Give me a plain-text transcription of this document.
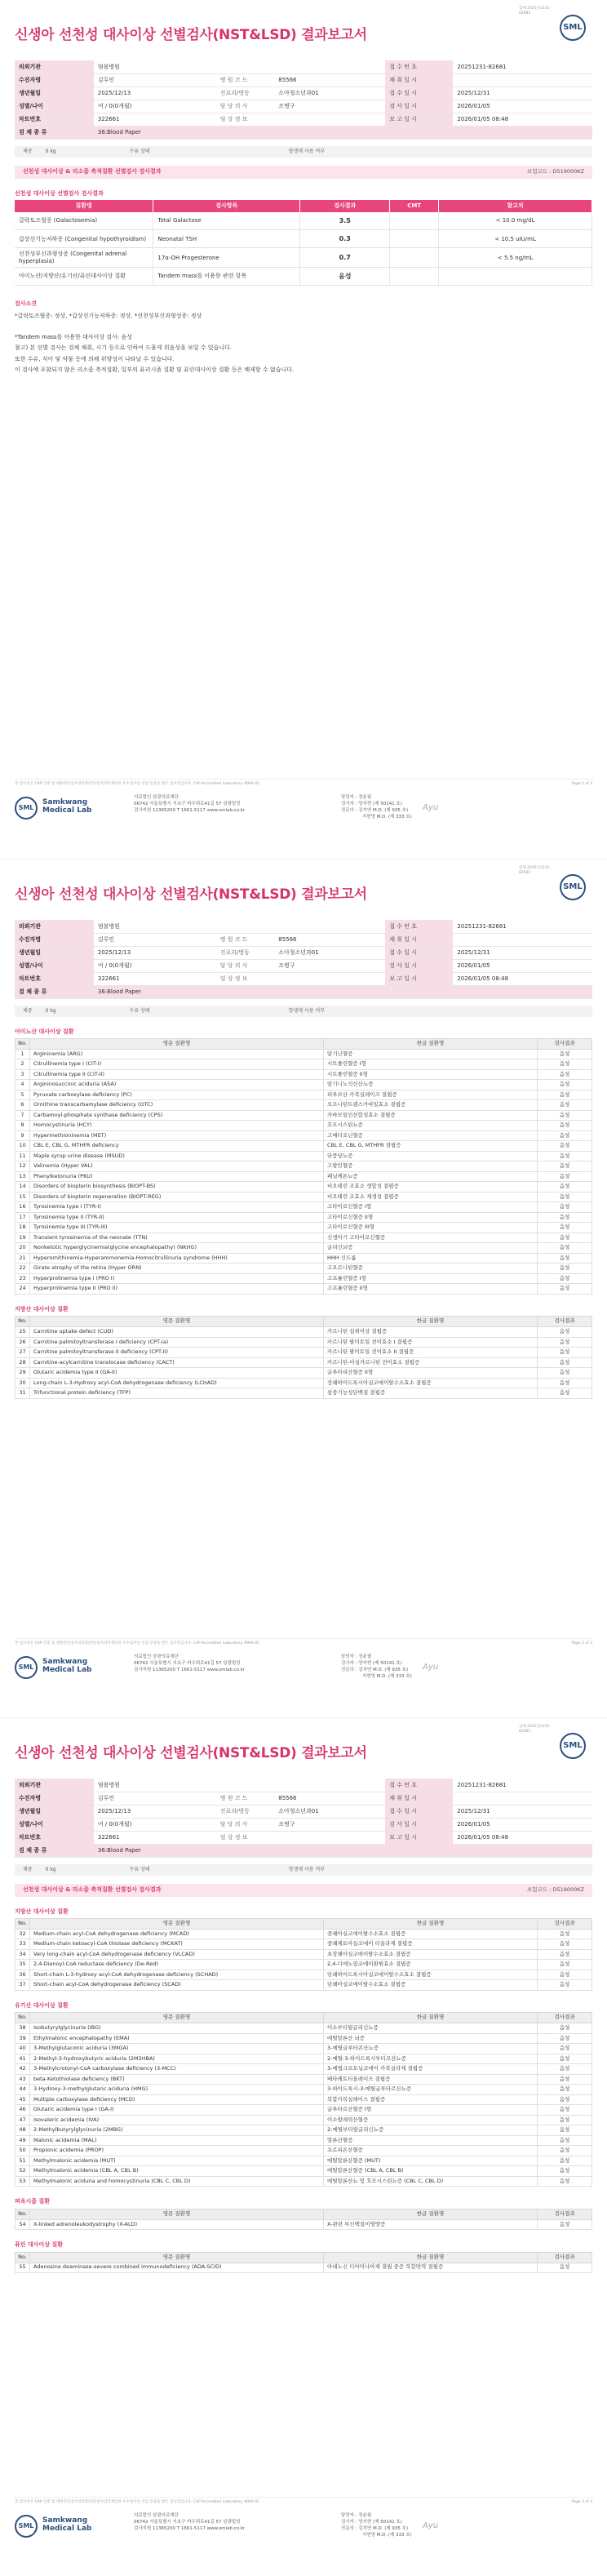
검체 2025년1231-82681
SML
신생아 선천성 대사이상 선별검사(NST&LSD) 결과보고서
의뢰기관	염볼병원			접 수 번 호	20251231-82681
수진자명	김루인	병 원 코 드	85566	채 취 일 시	
생년월일	2025/12/13	진료과/병동	소아청소년과01	접 수 일 시	2025/12/31
성별/나이	여 / 0(0개월)	담 당 의 사	조병구	검 사 일 시	2026/01/05
차트번호	322661	임 상 정 보		보 고 일 시	2026/01/05 08:48
검 체 종 류	36:Blood Paper				
체중	0 kg	수유 상태	항생제 사용 여부
선천성 대사이상 & 리소좀 축적질환 선별검사 검사결과	보험코드 : D519000KZ
선천성 대사이상 선별검사 검사결과
질환명	검사항목	검사결과	CMT	참고치
갈락토즈혈증 (Galactosemia)	Total Galactose	3.5		< 10.0 mg/dL
갑상선기능저하증 (Congenital hypothyroidism)	Neonatal TSH	0.3		< 10.5 uIU/mL
선천성부신과형성증 (Congenital adrenal hyperplasia)	17α-OH Progesterone	0.7		< 5.5 ng/mL
아미노산/지방산/유기산/퓨린대사이상 질환	Tandem mass를 이용한 관련 항목	음성		
검사소견

*갈락토즈혈증: 정상, *갑상선기능저하증: 정상, *선천성부신과형성증: 정상

*Tandem mass를 이용한 대사이상 검사: 음성

참고) 본 선별 검사는 검체 채취, 시기 등으로 인하여 드물게 위음성을 보일 수 있습니다.

또한 수유, 식이 및 약물 등에 의해 위양성이 나타날 수 있습니다.

이 검사에 포함되지 않은 리소좀 축적질환, 일부의 퓨리시즘 질환 및 퓨린대사이상 질환 등은 배제할 수 없습니다.

본 검사실은 CAP 인증 및 대한진단검사의학회/진단검사의학재단의 우수검사실 신임 인증을 받은 검사실입니다. CAP Accredited Laboratory. 8994-01	Page 1 of 3
SML
Samkwang
Medical Lab
의료법인 삼광의료재단
06742 서울특별시 서초구 바우뫼로41길 57 삼광빌딩
검사지원 11365200 T 1661-5117 www.smlab.co.kr
담당자 : 정윤필
검사자 : 양지현 (제 50141 호)
전문의 : 김지연 M.D. (제 935 호)
지현영 M.D. (제 333 호)
Ayu
검체 2025년1231-82681
SML
신생아 선천성 대사이상 선별검사(NST&LSD) 결과보고서
의뢰기관	염볼병원			접 수 번 호	20251231-82681
수진자명	김루인	병 원 코 드	85566	채 취 일 시	
생년월일	2025/12/13	진료과/병동	소아청소년과01	접 수 일 시	2025/12/31
성별/나이	여 / 0(0개월)	담 당 의 사	조병구	검 사 일 시	2026/01/05
차트번호	322661	임 상 정 보		보 고 일 시	2026/01/05 08:48
검 체 종 류	36:Blood Paper				
체중	0 kg	수유 상태	항생제 사용 여부
아미노산 대사이상 질환
No.	영문 질환명	한글 질환명	검사결과
1	Argininemia (ARG)	알기닌혈증	음성
2	Citrullinemia type I (CIT-I)	시트룰린혈증 I형	음성
3	Citrullinemia type II (CIT-II)	시트룰린혈증 II형	음성
4	Argininosuccinic aciduria (ASA)	알기니노석신산뇨증	음성
5	Pyruvate carboxylase deficiency (PC)	피루브산 카복실레이즈 결핍증	음성
6	Ornithine transcarbamylase deficiency (OTC)	오르니틴트랜스카바밀효소 결핍증	음성
7	Carbamoyl-phosphate synthase deficiency (CPS)	카바모일인산합성효소 결핍증	음성
8	Homocystinuria (HCY)	호모시스틴뇨증	음성
9	Hypermethioninemia (MET)	고메티오닌혈증	음성
10	CBL E, CBL G, MTHFR deficiency	CBL E, CBL G, MTHFR 결핍증	음성
11	Maple syrup urine disease (MSUD)	단풍당뇨증	음성
12	Valinemia (Hyper VAL)	고발린혈증	음성
13	Phenylketonuria (PKU)	페닐케톤뇨증	음성
14	Disorders of biopterin biosynthesis (BIOPT-BS)	비오테린 조효소 생합성 결핍증	음성
15	Disorders of biopterin regeneration (BIOPT-REG)	비오테린 조효소 재생성 결핍증	음성
16	Tyrosinemia type I (TYR-I)	고타이로신혈증 I형	음성
17	Tyrosinemia type II (TYR-II)	고타이로신혈증 II형	음성
18	Tyrosinemia type III (TYR-III)	고타이로신혈증 III형	음성
19	Transient tyrosinemia of the neonate (TTN)	신생아기 고타이로신혈증	음성
20	Nonketotic hyperglycinemia(glycine encephalopathy) (NKHG)	글리신뇌증	음성
21	Hyperornithinemia-Hyperammonemia-Homocitrullinuria syndrome (HHH)	HHH 신드롬	음성
22	Girate atrophy of the retina (Hyper ORN)	고오르니틴혈증	음성
23	Hyperprolinemia type I (PRO I)	고프롤린혈증 I형	음성
24	Hyperprolinemia type II (PRO II)	고프롤린혈증 II형	음성
지방산 대사이상 질환
No.	영문 질환명	한글 질환명	검사결과
25	Carnitine uptake defect (CUD)	카르니틴 섭취이상 결핍증	음성
26	Carnitine palmitoyltransferase I deficiency (CPT-Ia)	카르니틴 팔미토일 전이효소 I 결핍증	음성
27	Carnitine palmitoyltransferase II deficiency (CPT-II)	카르니틴 팔미토일 전이효소 II 결핍증	음성
28	Carnitine-acylcarnitine translocase deficiency (CACT)	카르니틴-아실카르니틴 전이효소 결핍증	음성
29	Glutaric acidemia type II (GA-II)	글루타리산혈증 II형	음성
30	Long-chain L-3-Hydroxy acyl-CoA dehydrogenase deficiency (LCHAD)	장쇄하이드록시아실코에이탈수소효소 결핍증	음성
31	Trifunctional protein deficiency (TFP)	삼중기능성단백질 결핍증	음성
본 검사실은 CAP 인증 및 대한진단검사의학회/진단검사의학재단의 우수검사실 신임 인증을 받은 검사실입니다. CAP Accredited Laboratory. 8994-01	Page 2 of 3
SML
Samkwang
Medical Lab
의료법인 삼광의료재단
06742 서울특별시 서초구 바우뫼로41길 57 삼광빌딩
검사지원 11365200 T 1661-5117 www.smlab.co.kr
담당자 : 정윤필
검사자 : 양지현 (제 50141 호)
전문의 : 김지연 M.D. (제 935 호)
지현영 M.D. (제 333 호)
Ayu
검체 2025년1231-82681
SML
신생아 선천성 대사이상 선별검사(NST&LSD) 결과보고서
의뢰기관	염볼병원			접 수 번 호	20251231-82681
수진자명	김루인	병 원 코 드	85566	채 취 일 시	
생년월일	2025/12/13	진료과/병동	소아청소년과01	접 수 일 시	2025/12/31
성별/나이	여 / 0(0개월)	담 당 의 사	조병구	검 사 일 시	2026/01/05
차트번호	322661	임 상 정 보		보 고 일 시	2026/01/05 08:48
검 체 종 류	36:Blood Paper				
체중	0 kg	수유 상태	항생제 사용 여부
선천성 대사이상 & 리소좀 축적질환 선별검사 검사결과	보험코드 : D519000KZ
지방산 대사이상 질환
No.	영문 질환명	한글 질환명	검사결과
32	Medium-chain acyl-CoA dehydrogenase deficiency (MCAD)	중쇄아실코에이탈수소효소 결핍증	음성
33	Medium-chain ketoacyl-CoA thiolase deficiency (MCKAT)	중쇄케토아실코에이 티올라제 결핍증	음성
34	Very long-chain acyl-CoA dehydrogenase deficiency (VLCAD)	초장쇄아실코에이탈수소효소 결핍증	음성
35	2,4-Dienoyl-CoA reductase deficiency (De-Red)	2,4-디에노일코에이환원효소 결핍증	음성
36	Short-chain L-3-hydroxy acyl-CoA dehydrogenase deficiency (SCHAD)	단쇄하이드록시아실코에이탈수소효소 결핍증	음성
37	Short-chain acyl-CoA dehydrogenase deficiency (SCAD)	단쇄아실코에이탈수소효소 결핍증	음성
유기산 대사이상 질환
No.	영문 질환명	한글 질환명	검사결과
38	Isobutyrylglycinuria (IBG)	이소부티릴글리신뇨증	음성
39	Ethylmalonic encephalopathy (EMA)	에틸말론산 뇌증	음성
40	3-Methylglutaconic aciduria (3MGA)	3-메틸글루타콘산뇨증	음성
41	2-Methyl-3-hydroxybutyric aciduria (2M3HBA)	2-메틸-3-하이드록시부티르산뇨증	음성
42	3-Methylcrotonyl-CoA carboxylase deficiency (3-MCC)	3-메틸크로토닐코에이 카복실라제 결핍증	음성
43	beta-Ketothiolase deficiency (BKT)	베타케토티올레이즈 결핍증	음성
44	3-Hydroxy-3-methylglutaric aciduria (HMG)	3-하이드록시-3-메틸글루타르산뇨증	음성
45	Multiple carboxylase deficiency (MCD)	복합카복실레이스 결핍증	음성
46	Glutaric acidemia type I (GA-I)	글루타르산혈증 I형	음성
47	Isovaleric acidemia (IVA)	이소발레릭산혈증	음성
48	2-Methylbutyrylglycinuria (2MBG)	2-메틸부티릴글리신뇨증	음성
49	Malonic acidemia (MAL)	말론산혈증	음성
50	Propionic acidemia (PROP)	프로피온산혈증	음성
51	Methylmalonic acidemia (MUT)	메틸말론산혈증 (MUT)	음성
52	Methylmalonic acidemia (CBL A, CBL B)	메틸말론산혈증 (CBL A, CBL B)	음성
53	Methylmalonic aciduria and homocystinuria (CBL C, CBL D)	메틸말론산뇨 및 호모시스틴뇨증 (CBL C, CBL D)	음성
퍼옥시좀 질환
No.	영문 질환명	한글 질환명	검사결과
54	X-linked adrenoleukodystrophy (X-ALD)	X-관련 부신백질이영양증	음성
퓨린 대사이상 질환
No.	영문 질환명	한글 질환명	검사결과
55	Adenosine deaminase-severe combined immunodeficiency (ADA-SCID)	아데노신 디아미나아제 결핍 중증 복합면역 결핍증	음성
본 검사실은 CAP 인증 및 대한진단검사의학회/진단검사의학재단의 우수검사실 신임 인증을 받은 검사실입니다. CAP Accredited Laboratory. 8994-01	Page 3 of 3
SML
Samkwang
Medical Lab
의료법인 삼광의료재단
06742 서울특별시 서초구 바우뫼로41길 57 삼광빌딩
검사지원 11365200 T 1661-5117 www.smlab.co.kr
담당자 : 정윤필
검사자 : 양지현 (제 50141 호)
전문의 : 김지연 M.D. (제 935 호)
지현영 M.D. (제 333 호)
Ayu
